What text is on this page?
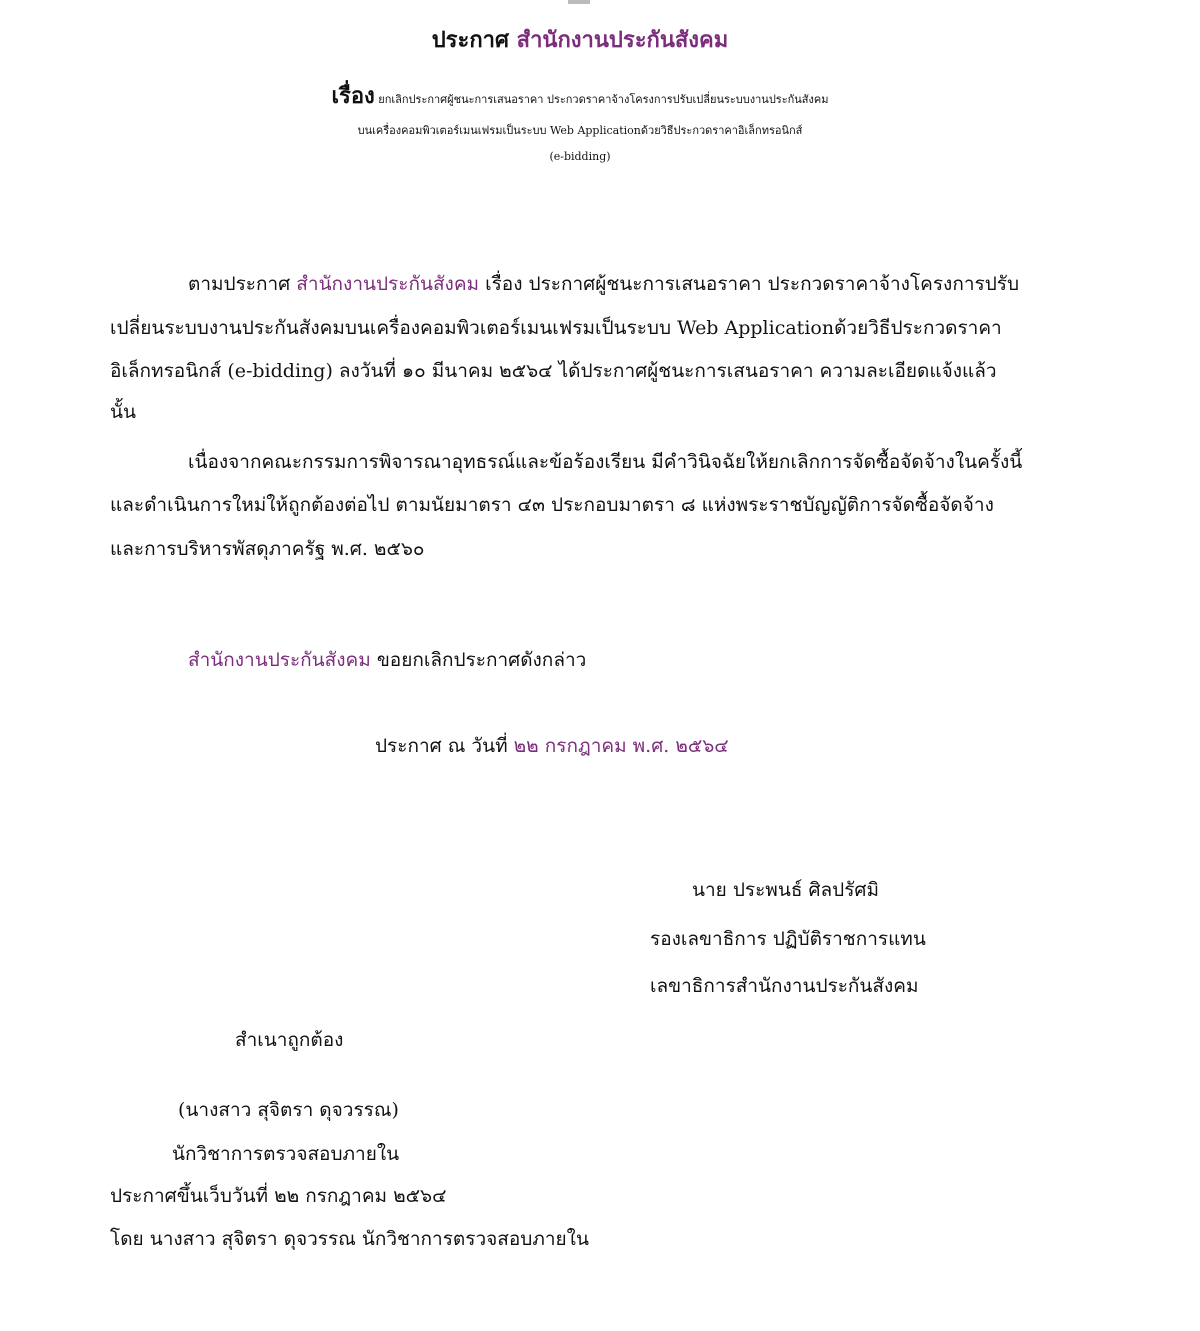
ประกาศ สำนักงานประกันสังคม
เรื่อง ยกเลิกประกาศผู้ชนะการเสนอราคา ประกวดราคาจ้างโครงการปรับเปลี่ยนระบบงานประกันสังคม
บนเครื่องคอมพิวเตอร์เมนเฟรมเป็นระบบ Web Applicationด้วยวิธีประกวดราคาอิเล็กทรอนิกส์
(e-bidding)
ตามประกาศ สำนักงานประกันสังคม เรื่อง ประกาศผู้ชนะการเสนอราคา ประกวดราคาจ้างโครงการปรับ
เปลี่ยนระบบงานประกันสังคมบนเครื่องคอมพิวเตอร์เมนเฟรมเป็นระบบ Web Applicationด้วยวิธีประกวดราคา
อิเล็กทรอนิกส์ (e-bidding) ลงวันที่ ๑๐ มีนาคม ๒๕๖๔ ได้ประกาศผู้ชนะการเสนอราคา ความละเอียดแจ้งแล้ว
นั้น
เนื่องจากคณะกรรมการพิจารณาอุทธรณ์และข้อร้องเรียน มีคำวินิจฉัยให้ยกเลิกการจัดซื้อจัดจ้างในครั้งนี้
และดำเนินการใหม่ให้ถูกต้องต่อไป ตามนัยมาตรา ๔๓ ประกอบมาตรา ๘ แห่งพระราชบัญญัติการจัดซื้อจัดจ้าง
และการบริหารพัสดุภาครัฐ พ.ศ. ๒๕๖๐
สำนักงานประกันสังคม ขอยกเลิกประกาศดังกล่าว
ประกาศ ณ วันที่ ๒๒ กรกฎาคม พ.ศ. ๒๕๖๔
นาย ประพนธ์ ศิลปรัศมิ
รองเลขาธิการ ปฏิบัติราชการแทน
เลขาธิการสำนักงานประกันสังคม
สำเนาถูกต้อง
(นางสาว สุจิตรา ดุจวรรณ)
นักวิชาการตรวจสอบภายใน
ประกาศขึ้นเว็บวันที่ ๒๒ กรกฎาคม ๒๕๖๔
โดย นางสาว สุจิตรา ดุจวรรณ นักวิชาการตรวจสอบภายใน
